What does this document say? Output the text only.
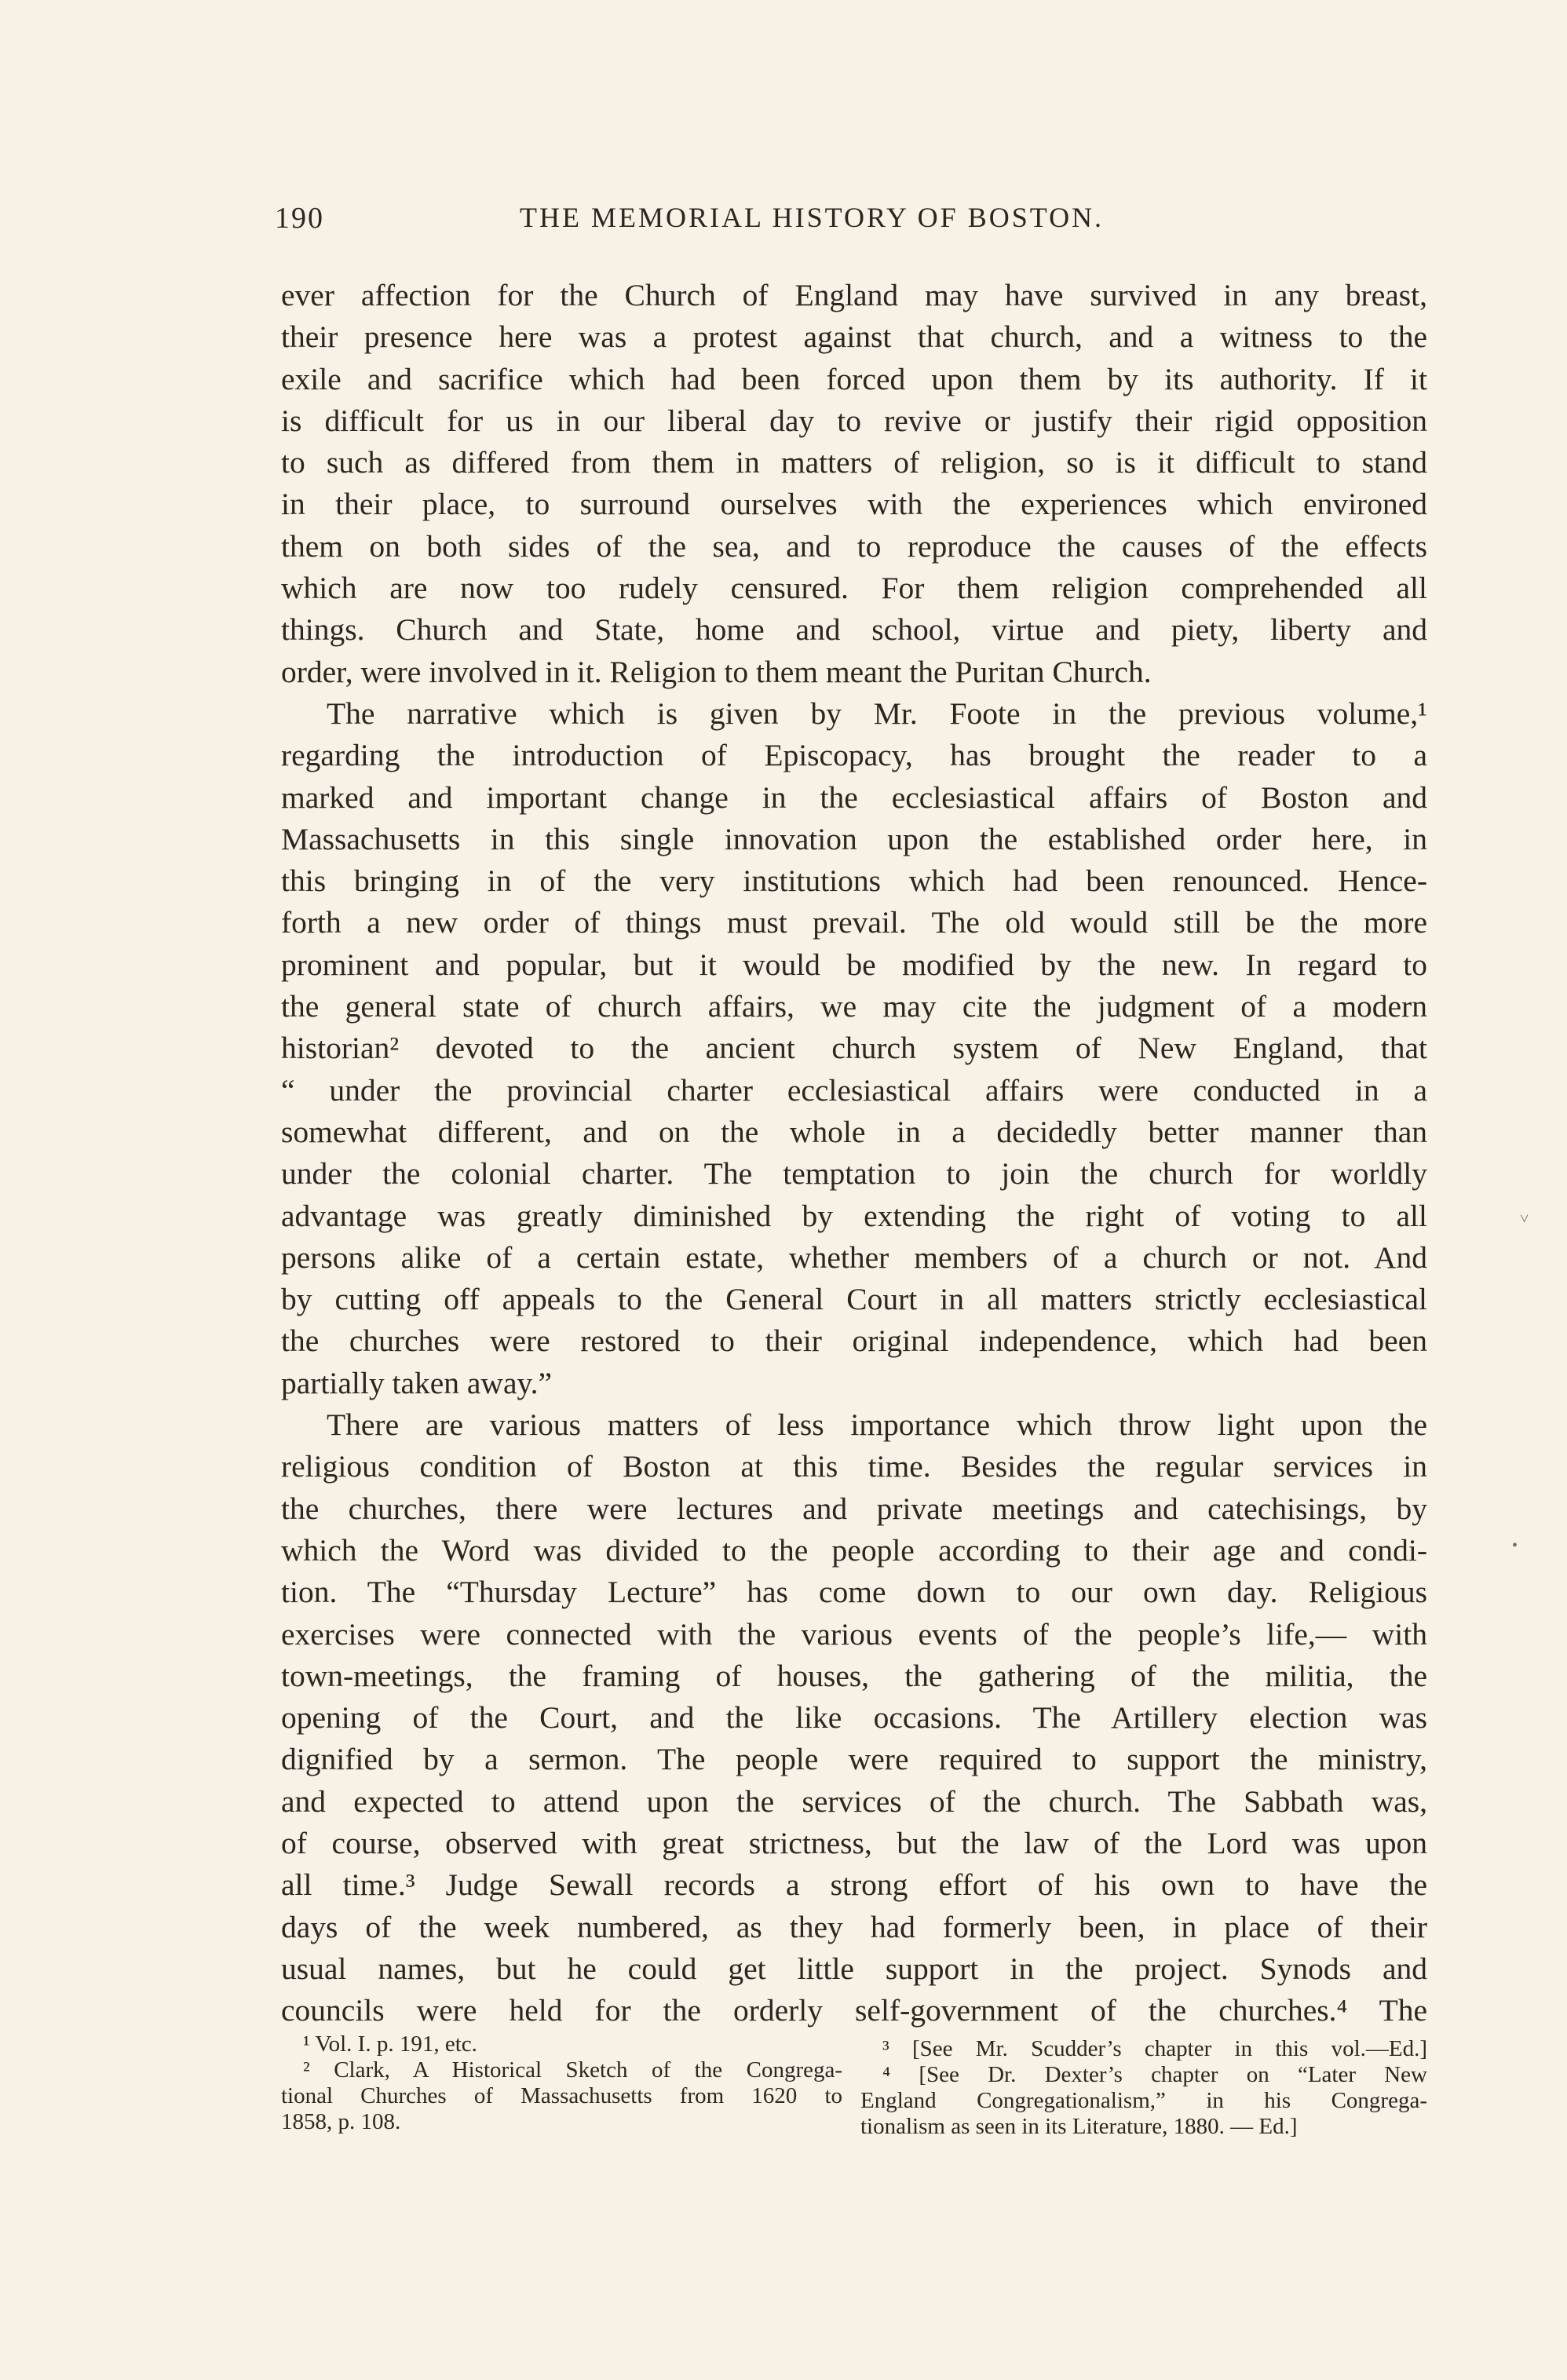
190	THE MEMORIAL HISTORY OF BOSTON.
ever affection for the Church of England may have survived in any breast,
their presence here was a protest against that church, and a witness to the
exile and sacrifice which had been forced upon them by its authority. If it
is difficult for us in our liberal day to revive or justify their rigid opposition
to such as differed from them in matters of religion, so is it difficult to stand
in their place, to surround ourselves with the experiences which environed
them on both sides of the sea, and to reproduce the causes of the effects
which are now too rudely censured. For them religion comprehended all
things. Church and State, home and school, virtue and piety, liberty and
order, were involved in it. Religion to them meant the Puritan Church.
The narrative which is given by Mr. Foote in the previous volume,¹
regarding the introduction of Episcopacy, has brought the reader to a
marked and important change in the ecclesiastical affairs of Boston and
Massachusetts in this single innovation upon the established order here, in
this bringing in of the very institutions which had been renounced. Hence-
forth a new order of things must prevail. The old would still be the more
prominent and popular, but it would be modified by the new. In regard to
the general state of church affairs, we may cite the judgment of a modern
historian² devoted to the ancient church system of New England, that
“ under the provincial charter ecclesiastical affairs were conducted in a
somewhat different, and on the whole in a decidedly better manner than
under the colonial charter. The temptation to join the church for worldly
advantage was greatly diminished by extending the right of voting to all
persons alike of a certain estate, whether members of a church or not. And
by cutting off appeals to the General Court in all matters strictly ecclesiastical
the churches were restored to their original independence, which had been
partially taken away.”
There are various matters of less importance which throw light upon the
religious condition of Boston at this time. Besides the regular services in
the churches, there were lectures and private meetings and catechisings, by
which the Word was divided to the people according to their age and condi-
tion. The “Thursday Lecture” has come down to our own day. Religious
exercises were connected with the various events of the people’s life,— with
town-meetings, the framing of houses, the gathering of the militia, the
opening of the Court, and the like occasions. The Artillery election was
dignified by a sermon. The people were required to support the ministry,
and expected to attend upon the services of the church. The Sabbath was,
of course, observed with great strictness, but the law of the Lord was upon
all time.³ Judge Sewall records a strong effort of his own to have the
days of the week numbered, as they had formerly been, in place of their
usual names, but he could get little support in the project. Synods and
councils were held for the orderly self-government of the churches.⁴ The
¹ Vol. I. p. 191, etc.
² Clark, A Historical Sketch of the Congrega-
tional Churches of Massachusetts from 1620 to
1858, p. 108.
³ [See Mr. Scudder’s chapter in this vol.—Ed.]
⁴ [See Dr. Dexter’s chapter on “Later New
England Congregationalism,” in his Congrega-
tionalism as seen in its Literature, 1880. — Ed.]
˅
•
